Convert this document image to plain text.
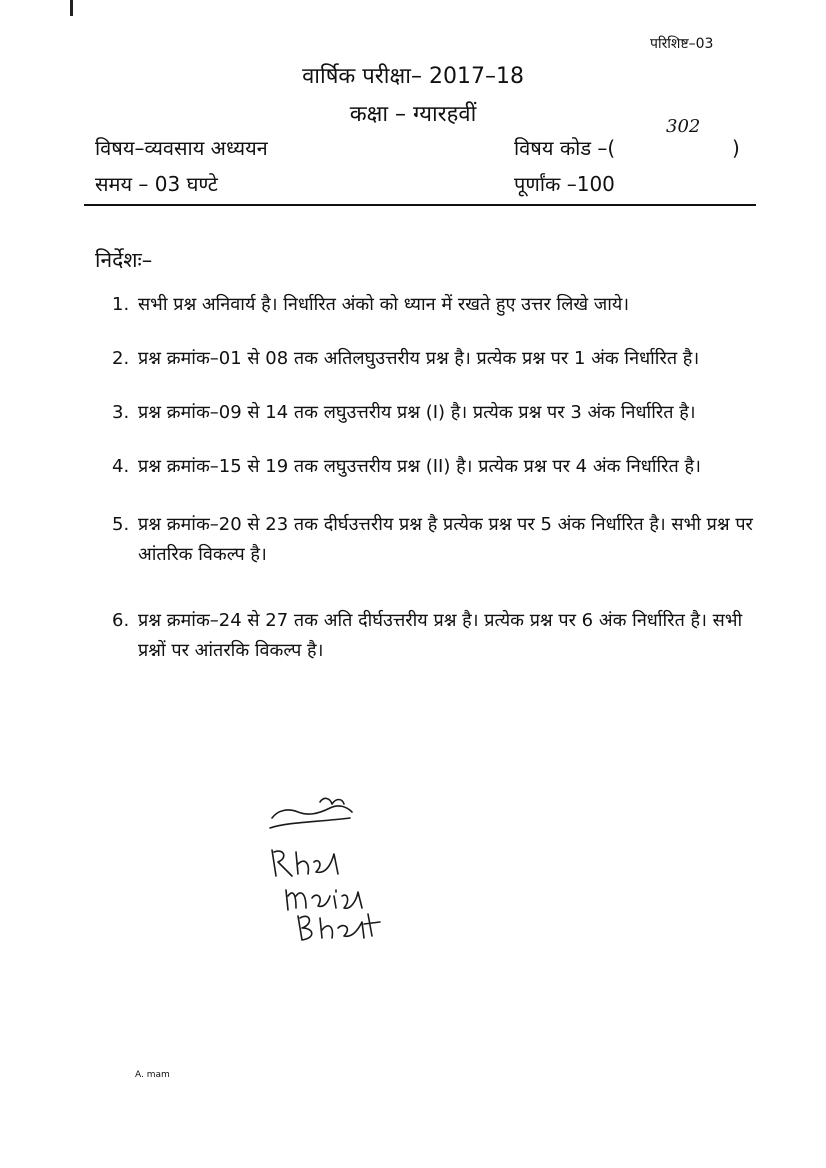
परिशिष्ट–03
वार्षिक परीक्षा– 2017–18
कक्षा – ग्यारहवीं
विषय–व्यवसाय अध्ययन	विषय कोड –(
302
)
समय – 03 घण्टे	पूर्णांक –100
निर्देशः–
1. सभी प्रश्न अनिवार्य है। निर्धारित अंको को ध्यान में रखते हुए उत्तर लिखे जाये।
2. प्रश्न क्रमांक–01 से 08 तक अतिलघुउत्तरीय प्रश्न है। प्रत्येक प्रश्न पर 1 अंक निर्धारित है।
3. प्रश्न क्रमांक–09 से 14 तक लघुउत्तरीय प्रश्न (I) है। प्रत्येक प्रश्न पर 3 अंक निर्धारित है।
4. प्रश्न क्रमांक–15 से 19 तक लघुउत्तरीय प्रश्न (II) है। प्रत्येक प्रश्न पर 4 अंक निर्धारित है।
5. प्रश्न क्रमांक–20 से 23 तक दीर्घउत्तरीय प्रश्न है प्रत्येक प्रश्न पर 5 अंक निर्धारित है। सभी प्रश्न पर आंतरिक विकल्प है।
6. प्रश्न क्रमांक–24 से 27 तक अति दीर्घउत्तरीय प्रश्न है। प्रत्येक प्रश्न पर 6 अंक निर्धारित है। सभी प्रश्नों पर आंतरकि विकल्प है।
A. mam
